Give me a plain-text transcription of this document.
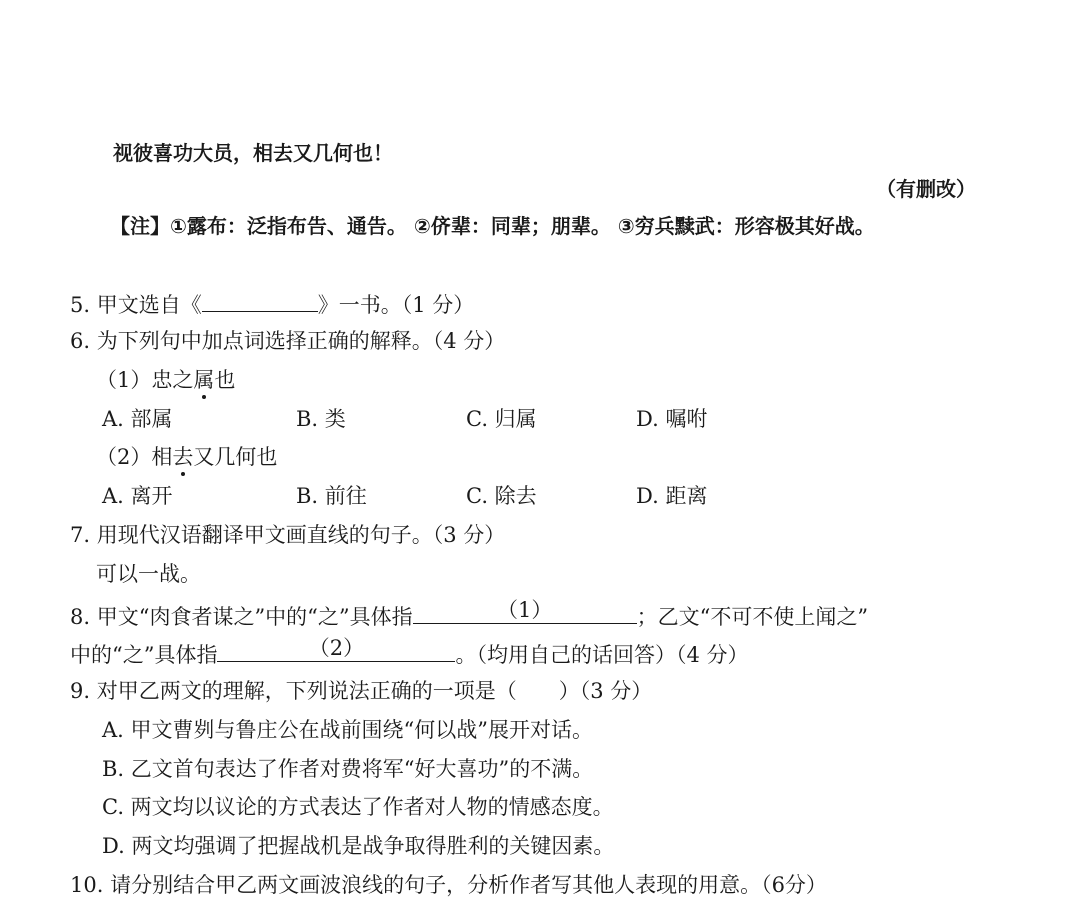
视彼喜功大员，相去又几何也！
（有删改）
【注】①露布：泛指布告、通告。 ②侪辈：同辈；朋辈。 ③穷兵黩武：形容极其好战。
5. 甲文选自《	》一书。（1 分）
6. 为下列句中加点词选择正确的解释。（4 分）
（1）忠之属也
A. 部属	B. 类	C. 归属	D. 嘱咐
（2）相去又几何也
A. 离开	B. 前往	C. 除去	D. 距离
7. 用现代汉语翻译甲文画直线的句子。（3 分）
可以一战。
8. 甲文“肉食者谋之”中的“之”具体指	（1）	；乙文“不可不使上闻之”
中的“之”具体指	（2）	。（均用自己的话回答）（4 分）
9. 对甲乙两文的理解，下列说法正确的一项是（　　）（3 分）
A. 甲文曹刿与鲁庄公在战前围绕“何以战”展开对话。
B. 乙文首句表达了作者对费将军“好大喜功”的不满。
C. 两文均以议论的方式表达了作者对人物的情感态度。
D. 两文均强调了把握战机是战争取得胜利的关键因素。
10. 请分别结合甲乙两文画波浪线的句子，分析作者写其他人表现的用意。（6分）
